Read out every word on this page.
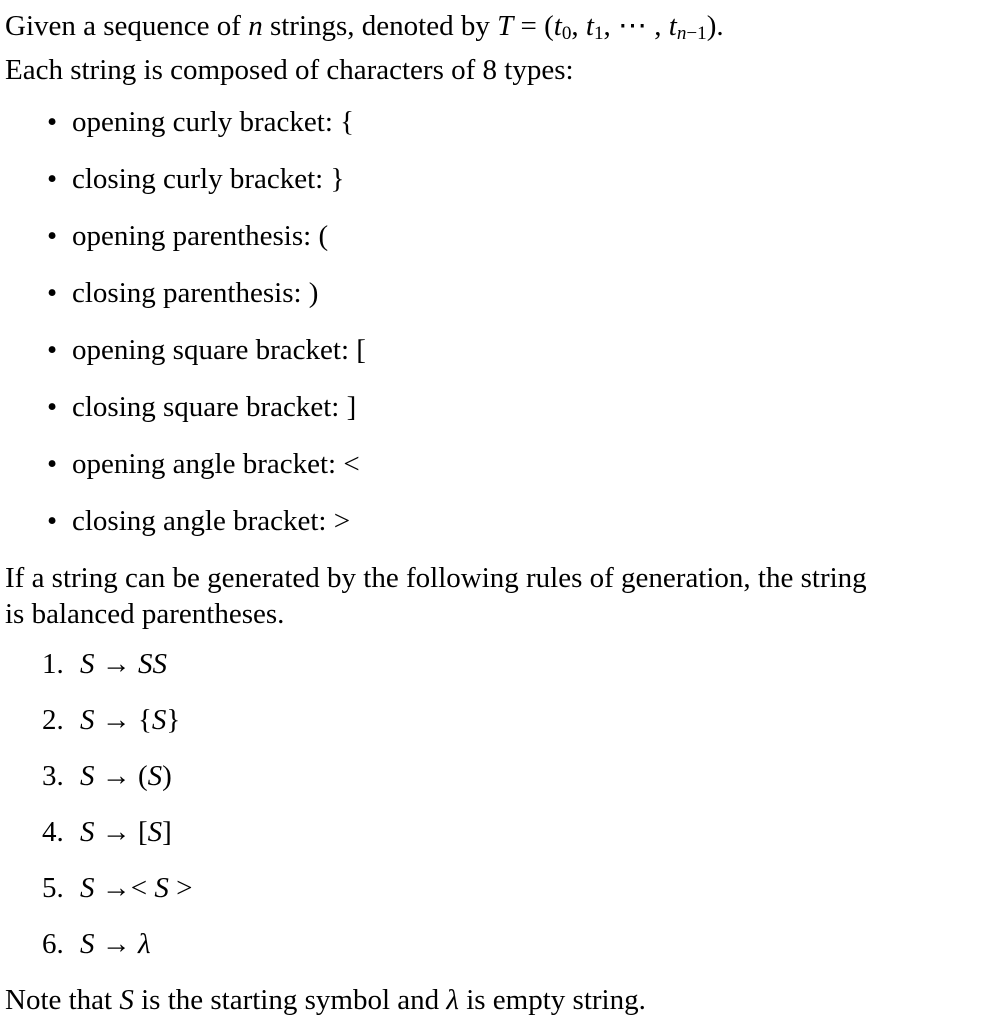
Given a sequence of n strings, denoted by T = (t0, t1, ⋯ , tn−1).
Each string is composed of characters of 8 types:
• opening curly bracket: {
• closing curly bracket: }
• opening parenthesis: (
• closing parenthesis: )
• opening square bracket: [
• closing square bracket: ]
• opening angle bracket: <
• closing angle bracket: >
If a string can be generated by the following rules of generation, the string
is balanced parentheses.
1. S → SS
2. S → {S}
3. S → (S)
4. S → [S]
5. S →< S >
6. S → λ
Note that S is the starting symbol and λ is empty string.
